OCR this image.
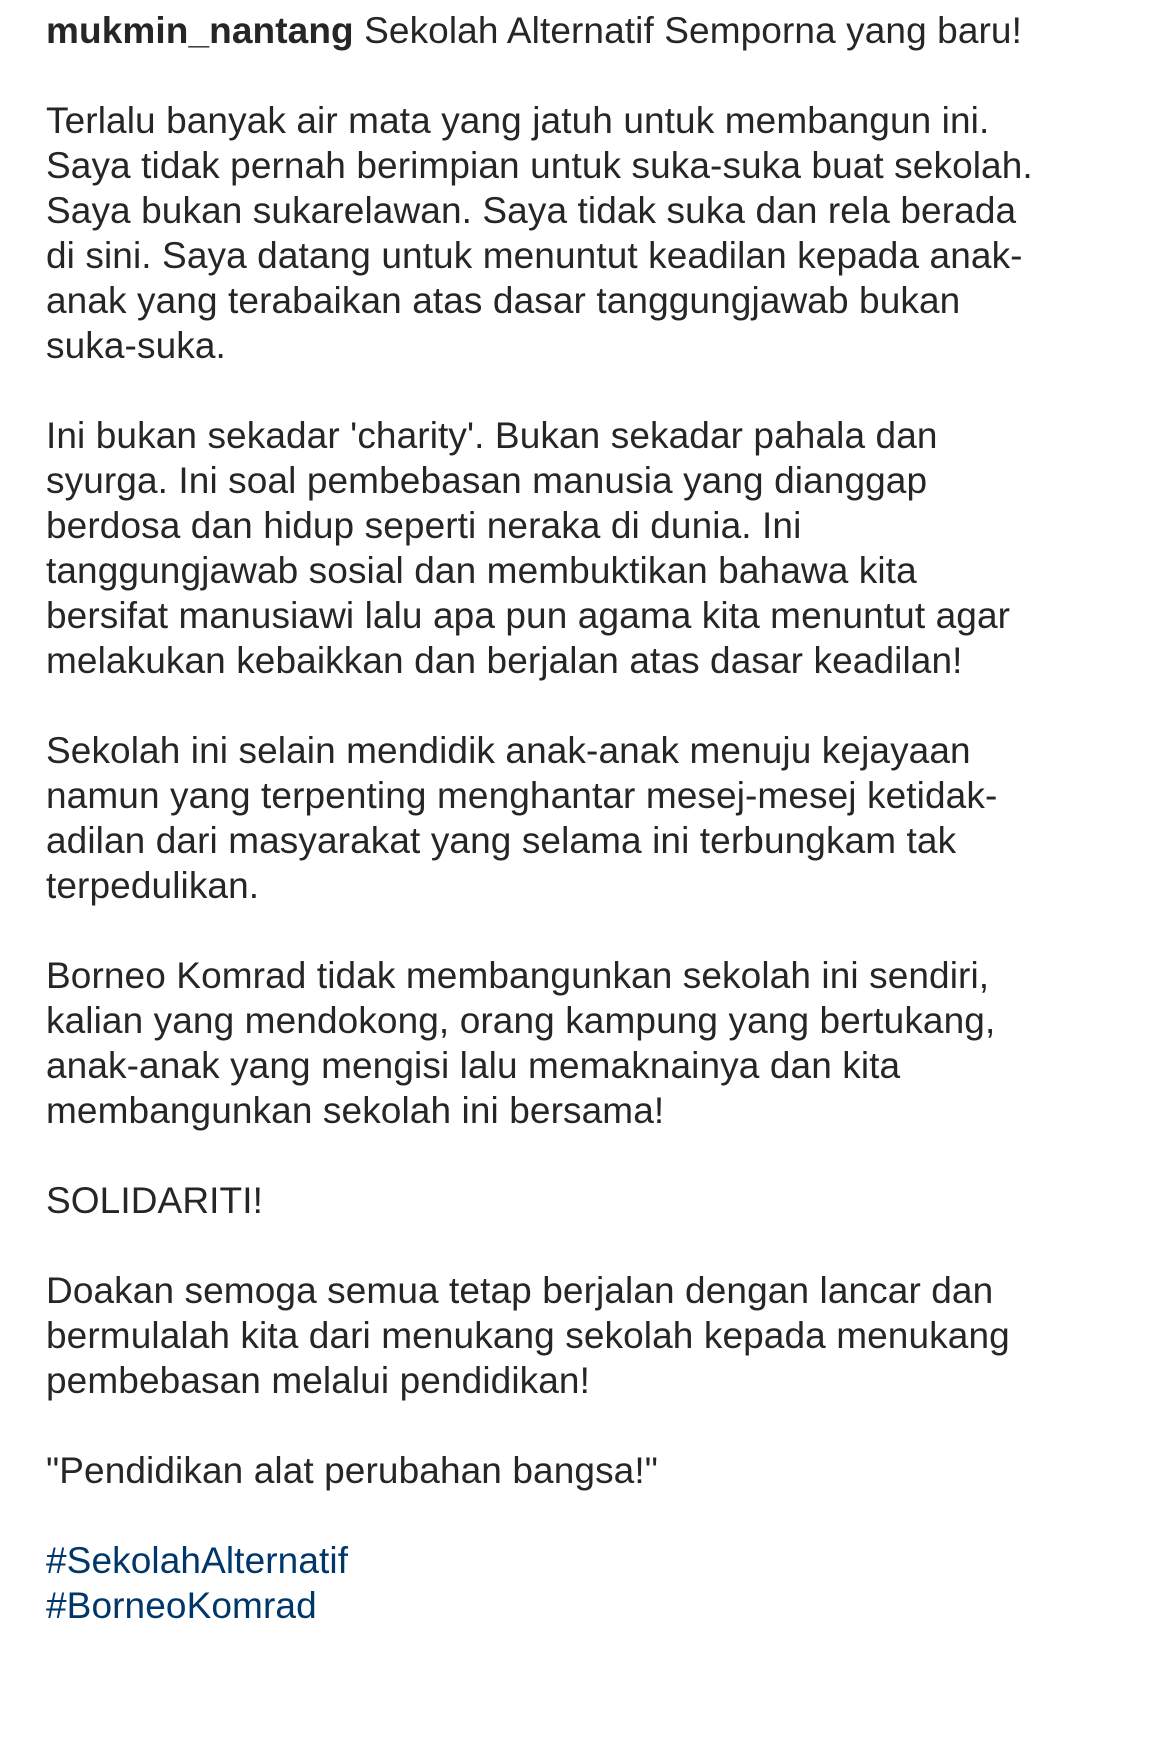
mukmin_nantang Sekolah Alternatif Semporna yang baru!

Terlalu banyak air mata yang jatuh untuk membangun ini.
Saya tidak pernah berimpian untuk suka-suka buat sekolah.
Saya bukan sukarelawan. Saya tidak suka dan rela berada
di sini. Saya datang untuk menuntut keadilan kepada anak-
anak yang terabaikan atas dasar tanggungjawab bukan
suka-suka.

Ini bukan sekadar 'charity'. Bukan sekadar pahala dan
syurga. Ini soal pembebasan manusia yang dianggap
berdosa dan hidup seperti neraka di dunia. Ini
tanggungjawab sosial dan membuktikan bahawa kita
bersifat manusiawi lalu apa pun agama kita menuntut agar
melakukan kebaikkan dan berjalan atas dasar keadilan!

Sekolah ini selain mendidik anak-anak menuju kejayaan
namun yang terpenting menghantar mesej-mesej ketidak-
adilan dari masyarakat yang selama ini terbungkam tak
terpedulikan.

Borneo Komrad tidak membangunkan sekolah ini sendiri,
kalian yang mendokong, orang kampung yang bertukang,
anak-anak yang mengisi lalu memaknainya dan kita
membangunkan sekolah ini bersama!

SOLIDARITI!

Doakan semoga semua tetap berjalan dengan lancar dan
bermulalah kita dari menukang sekolah kepada menukang
pembebasan melalui pendidikan!

"Pendidikan alat perubahan bangsa!"

#SekolahAlternatif
#BorneoKomrad
